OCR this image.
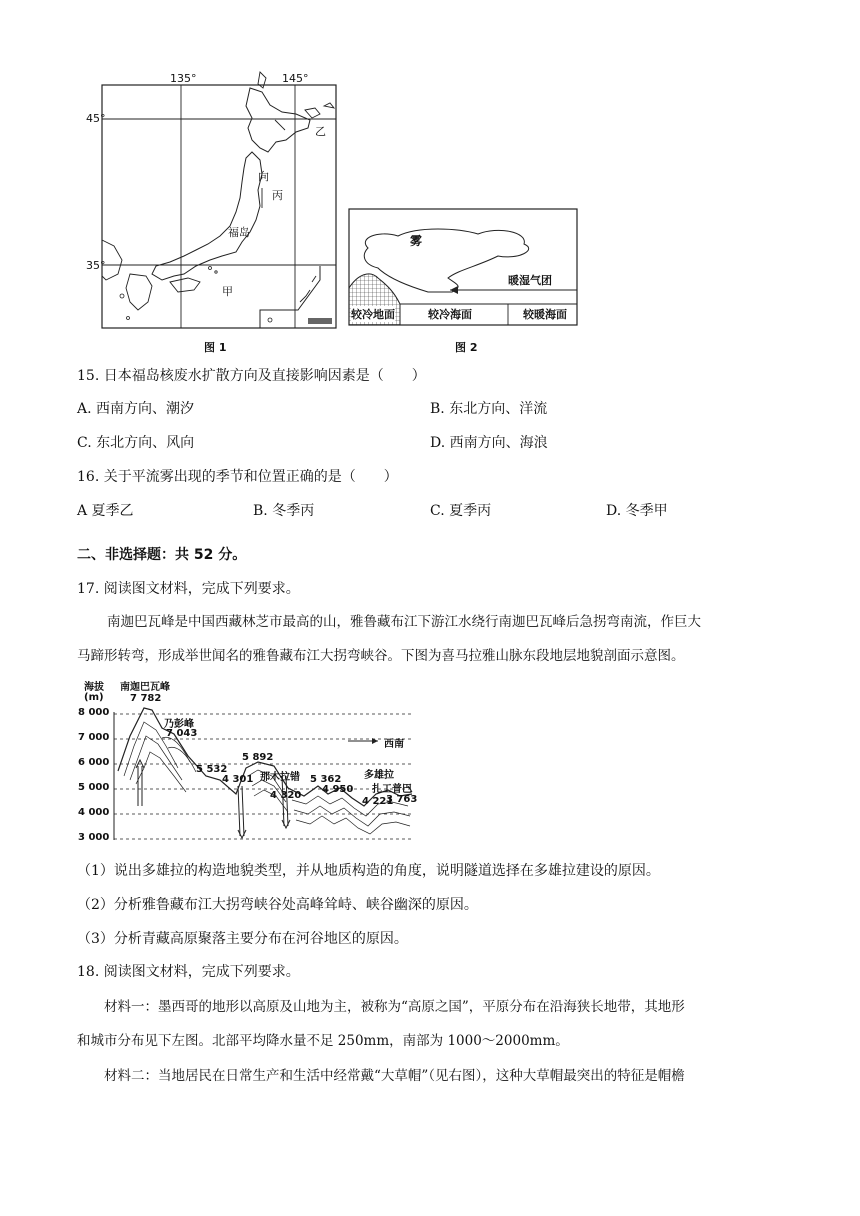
135°	145°
45°
35°
乙
向
丙
福岛
甲
图 1
雾
暖湿气团
较冷地面	较冷海面	较暖海面
图 2
15. 日本福岛核废水扩散方向及直接影响因素是（　　）
A. 西南方向、潮汐	B. 东北方向、洋流
C. 东北方向、风向	D. 西南方向、海浪
16. 关于平流雾出现的季节和位置正确的是（　　）
A 夏季乙	B. 冬季丙	C. 夏季丙	D. 冬季甲
二、非选择题：共 52 分。
17. 阅读图文材料，完成下列要求。
南迦巴瓦峰是中国西藏林芝市最高的山，雅鲁藏布江下游江水绕行南迦巴瓦峰后急拐弯南流，作巨大
马蹄形转弯，形成举世闻名的雅鲁藏布江大拐弯峡谷。下图为喜马拉雅山脉东段地层地貌剖面示意图。
海拔
(m)
8 000
7 000
6 000
5 000
4 000
3 000
南迦巴瓦峰
7 782
乃彭峰
7 043
5 532
4 301
5 892
那木拉错 5 362
4 320
4 950
多雄拉
扎工普巴
4 221
3 763
西南
（1）说出多雄拉的构造地貌类型，并从地质构造的角度，说明隧道选择在多雄拉建设的原因。
（2）分析雅鲁藏布江大拐弯峡谷处高峰耸峙、峡谷幽深的原因。
（3）分析青藏高原聚落主要分布在河谷地区的原因。
18. 阅读图文材料，完成下列要求。
材料一：墨西哥的地形以高原及山地为主，被称为“高原之国”，平原分布在沿海狭长地带，其地形
和城市分布见下左图。北部平均降水量不足 250mm，南部为 1000～2000mm。
材料二：当地居民在日常生产和生活中经常戴“大草帽”（见右图），这种大草帽最突出的特征是帽檐
